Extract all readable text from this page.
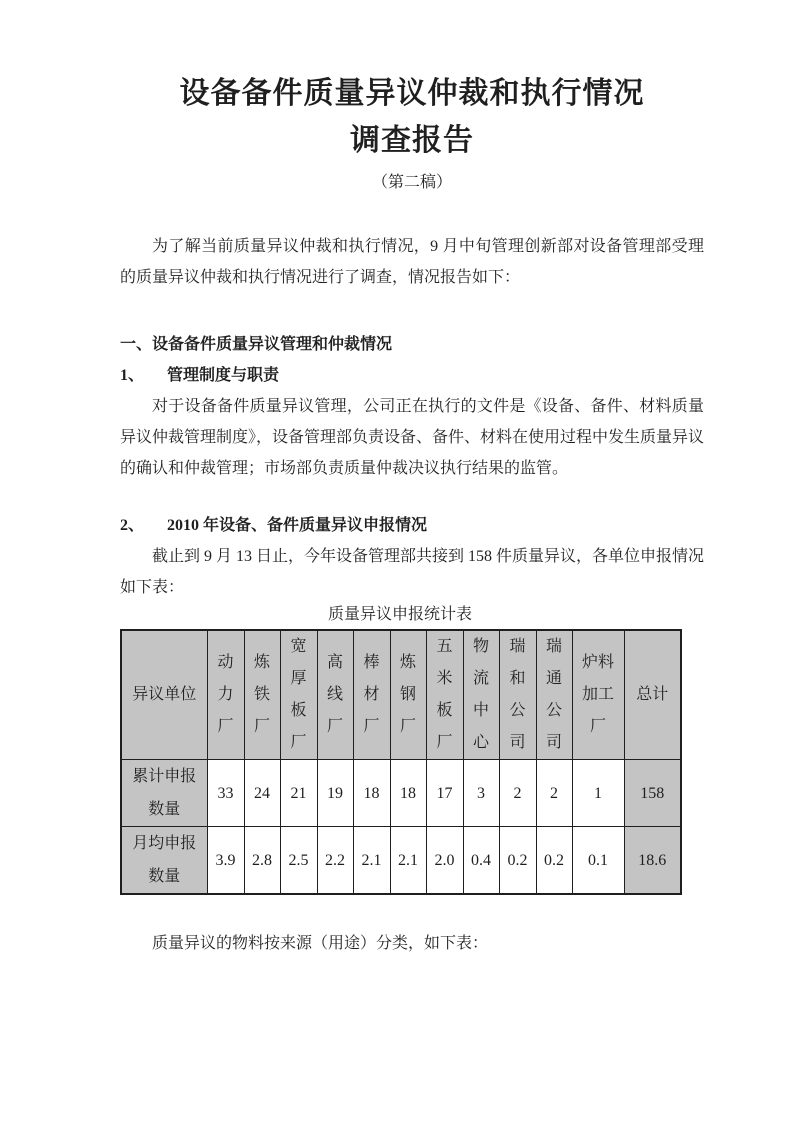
设备备件质量异议仲裁和执行情况
调查报告
（第二稿）

为了解当前质量异议仲裁和执行情况，9 月中旬管理创新部对设备管理部受理的质量异议仲裁和执行情况进行了调查，情况报告如下：

一、设备备件质量异议管理和仲裁情况
1、 管理制度与职责

对于设备备件质量异议管理，公司正在执行的文件是《设备、备件、材料质量异议仲裁管理制度》，设备管理部负责设备、备件、材料在使用过程中发生质量异议的确认和仲裁管理；市场部负责质量仲裁决议执行结果的监管。

2、 2010 年设备、备件质量异议申报情况

截止到 9 月 13 日止，今年设备管理部共接到 158 件质量异议，各单位申报情况如下表：

质量异议申报统计表
异议单位	动力厂	炼铁厂	宽厚板厂	高线厂	棒材厂	炼钢厂	五米板厂	物流中心	瑞和公司	瑞通公司	炉料加工厂	总计
累计申报数量	33	24	21	19	18	18	17	3	2	2	1	158
月均申报数量	3.9	2.8	2.5	2.2	2.1	2.1	2.0	0.4	0.2	0.2	0.1	18.6

质量异议的物料按来源（用途）分类，如下表：
